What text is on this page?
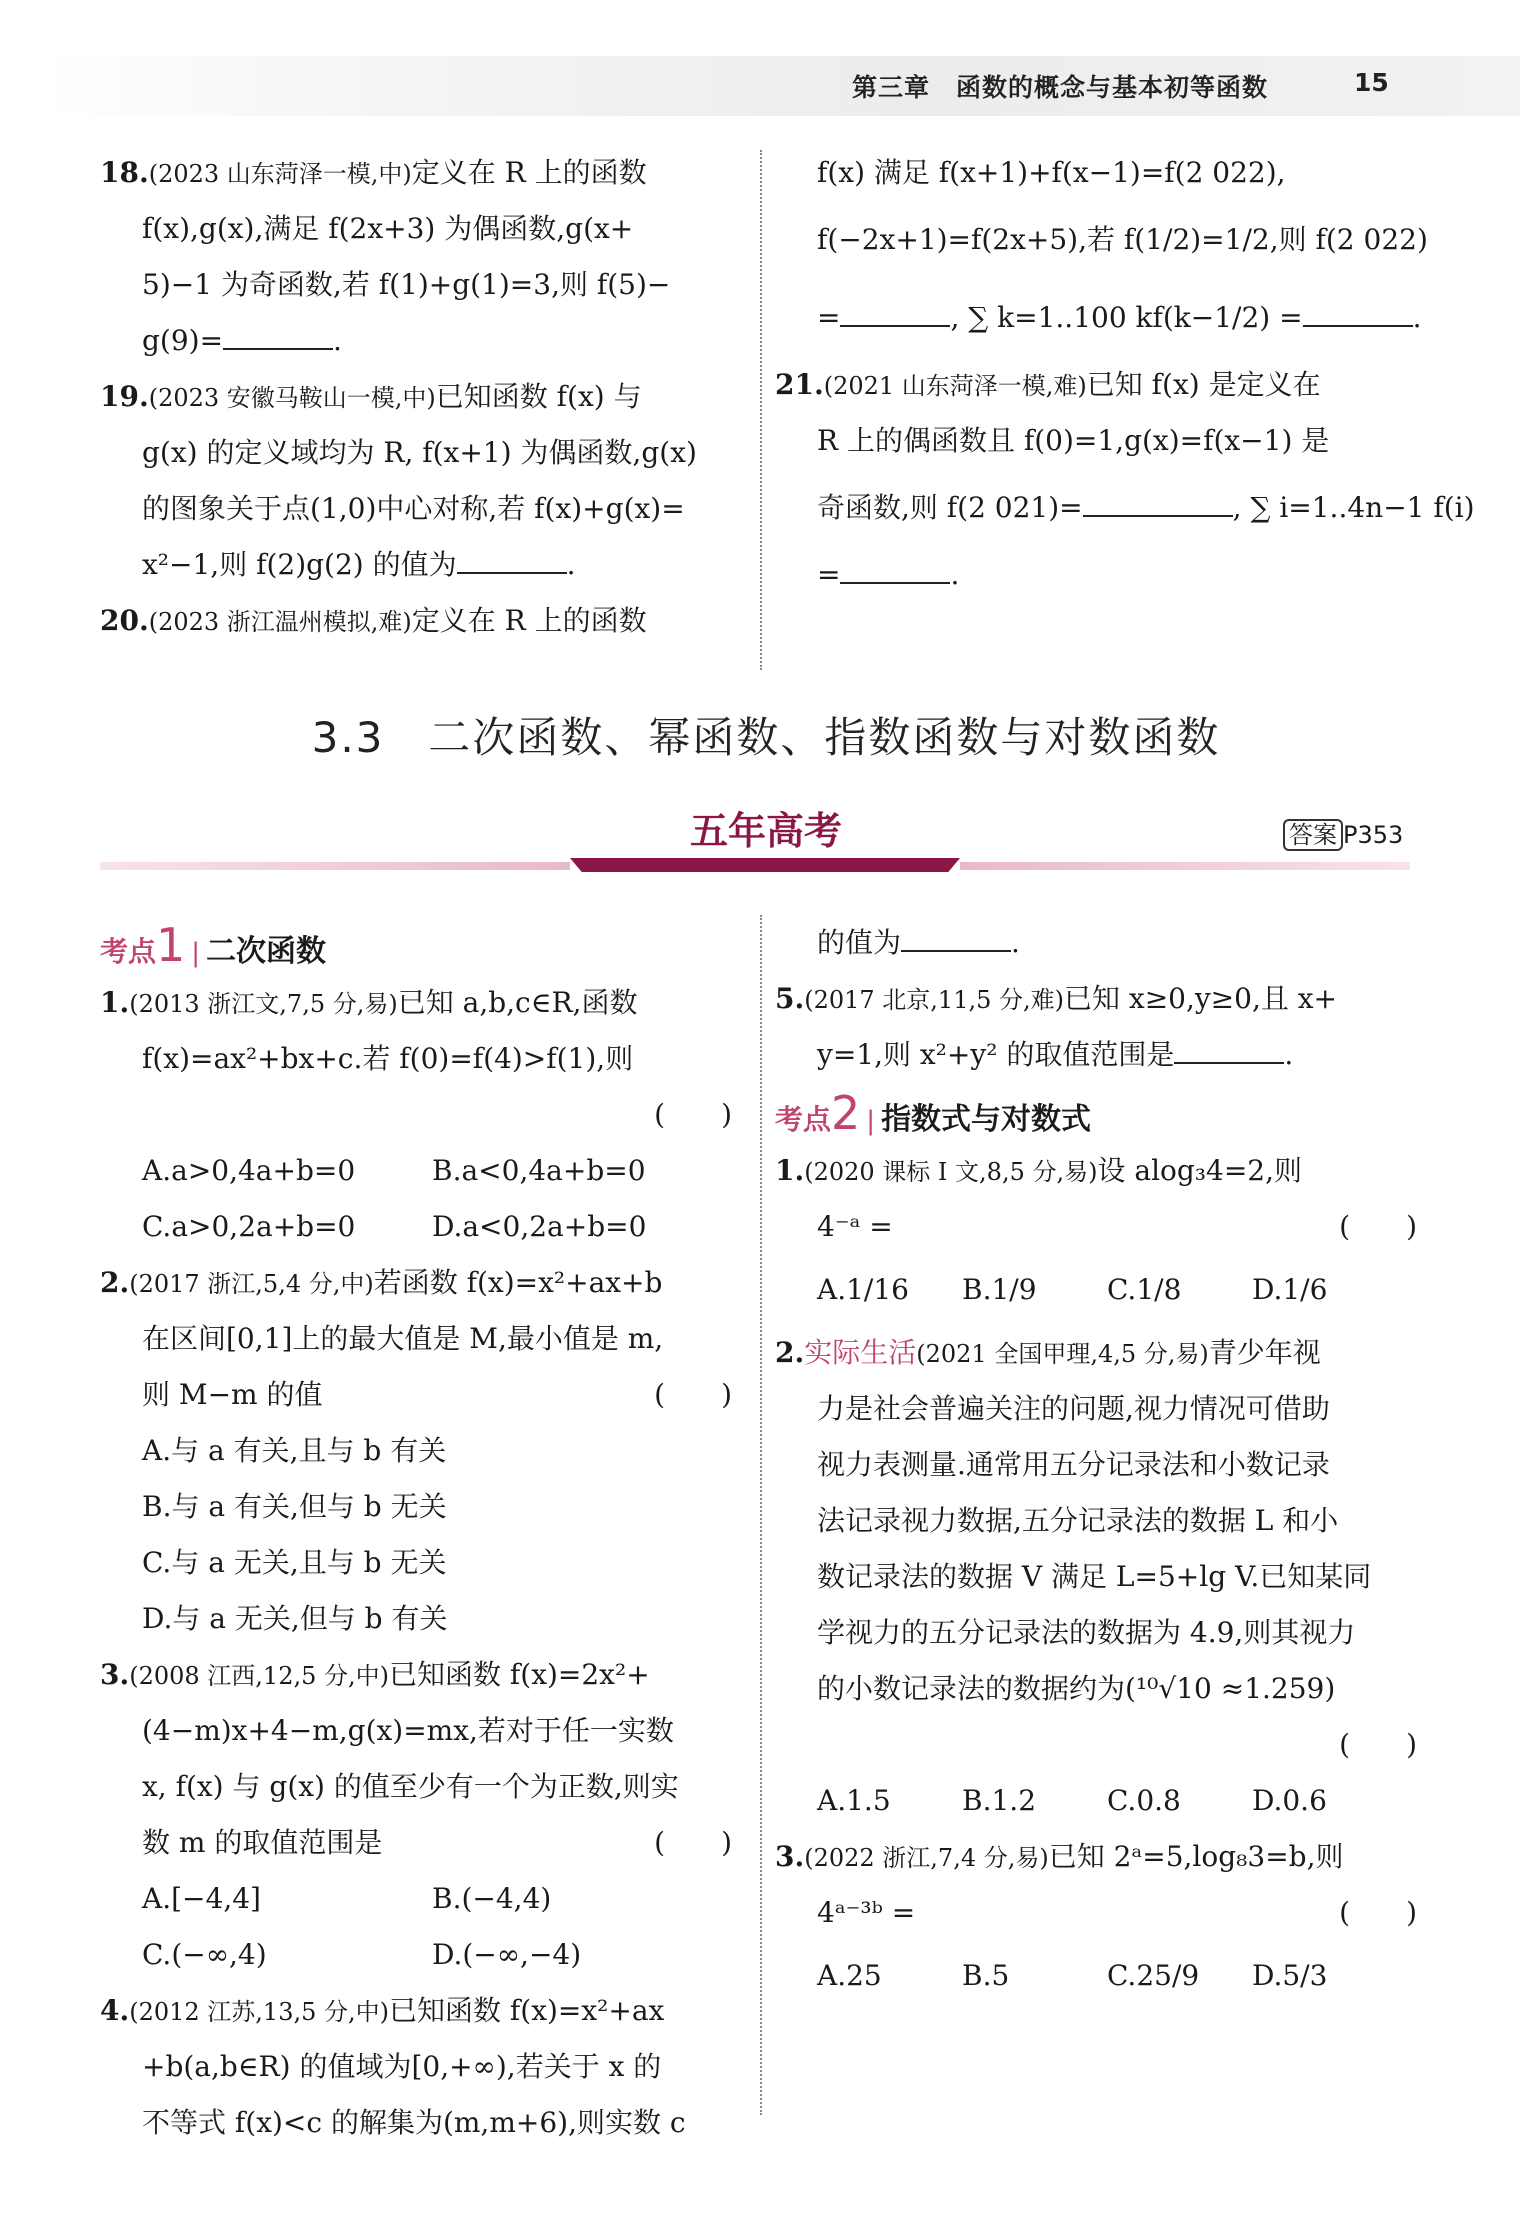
第三章　函数的概念与基本初等函数	15
18.(2023 山东菏泽一模,中)定义在 R 上的函数
f(x),g(x),满足 f(2x+3) 为偶函数,g(x+
5)−1 为奇函数,若 f(1)+g(1)=3,则 f(5)−
g(9)=	.
19.(2023 安徽马鞍山一模,中)已知函数 f(x) 与
g(x) 的定义域均为 R, f(x+1) 为偶函数,g(x)
的图象关于点(1,0)中心对称,若 f(x)+g(x)=
x²−1,则 f(2)g(2) 的值为	.
20.(2023 浙江温州模拟,难)定义在 R 上的函数
f(x) 满足 f(x+1)+f(x−1)=f(2 022),
f(−2x+1)=f(2x+5),若 f(1/2)=1/2,则 f(2 022)
=	, ∑ k=1..100 kf(k−1/2) =	.
21.(2021 山东菏泽一模,难)已知 f(x) 是定义在
R 上的偶函数且 f(0)=1,g(x)=f(x−1) 是
奇函数,则 f(2 021)=	, ∑ i=1..4n−1 f(i)
=	.
3.3　二次函数、幂函数、指数函数与对数函数
五年高考	答案 P353
考点1 | 二次函数
1.(2013 浙江文,7,5 分,易)已知 a,b,c∈R,函数
f(x)=ax²+bx+c.若 f(0)=f(4)>f(1),则
(　　)
A.a>0,4a+b=0	B.a<0,4a+b=0
C.a>0,2a+b=0	D.a<0,2a+b=0
2.(2017 浙江,5,4 分,中)若函数 f(x)=x²+ax+b
在区间[0,1]上的最大值是 M,最小值是 m,
则 M−m 的值	(　　)
A.与 a 有关,且与 b 有关
B.与 a 有关,但与 b 无关
C.与 a 无关,且与 b 无关
D.与 a 无关,但与 b 有关
3.(2008 江西,12,5 分,中)已知函数 f(x)=2x²+
(4−m)x+4−m,g(x)=mx,若对于任一实数
x, f(x) 与 g(x) 的值至少有一个为正数,则实
数 m 的取值范围是	(　　)
A.[−4,4]	B.(−4,4)
C.(−∞,4)	D.(−∞,−4)
4.(2012 江苏,13,5 分,中)已知函数 f(x)=x²+ax
+b(a,b∈R) 的值域为[0,+∞),若关于 x 的
不等式 f(x)<c 的解集为(m,m+6),则实数 c
的值为	.
5.(2017 北京,11,5 分,难)已知 x≥0,y≥0,且 x+
y=1,则 x²+y² 的取值范围是	.
考点2 | 指数式与对数式
1.(2020 课标 Ⅰ 文,8,5 分,易)设 alog₃4=2,则
4⁻ᵃ =	(　　)
A.1/16	B.1/9	C.1/8	D.1/6
2.实际生活(2021 全国甲理,4,5 分,易)青少年视
力是社会普遍关注的问题,视力情况可借助
视力表测量.通常用五分记录法和小数记录
法记录视力数据,五分记录法的数据 L 和小
数记录法的数据 V 满足 L=5+lg V.已知某同
学视力的五分记录法的数据为 4.9,则其视力
的小数记录法的数据约为(¹⁰√10 ≈1.259)
(　　)
A.1.5	B.1.2	C.0.8	D.0.6
3.(2022 浙江,7,4 分,易)已知 2ᵃ=5,log₈3=b,则
4ᵃ⁻³ᵇ =	(　　)
A.25	B.5	C.25/9	D.5/3
